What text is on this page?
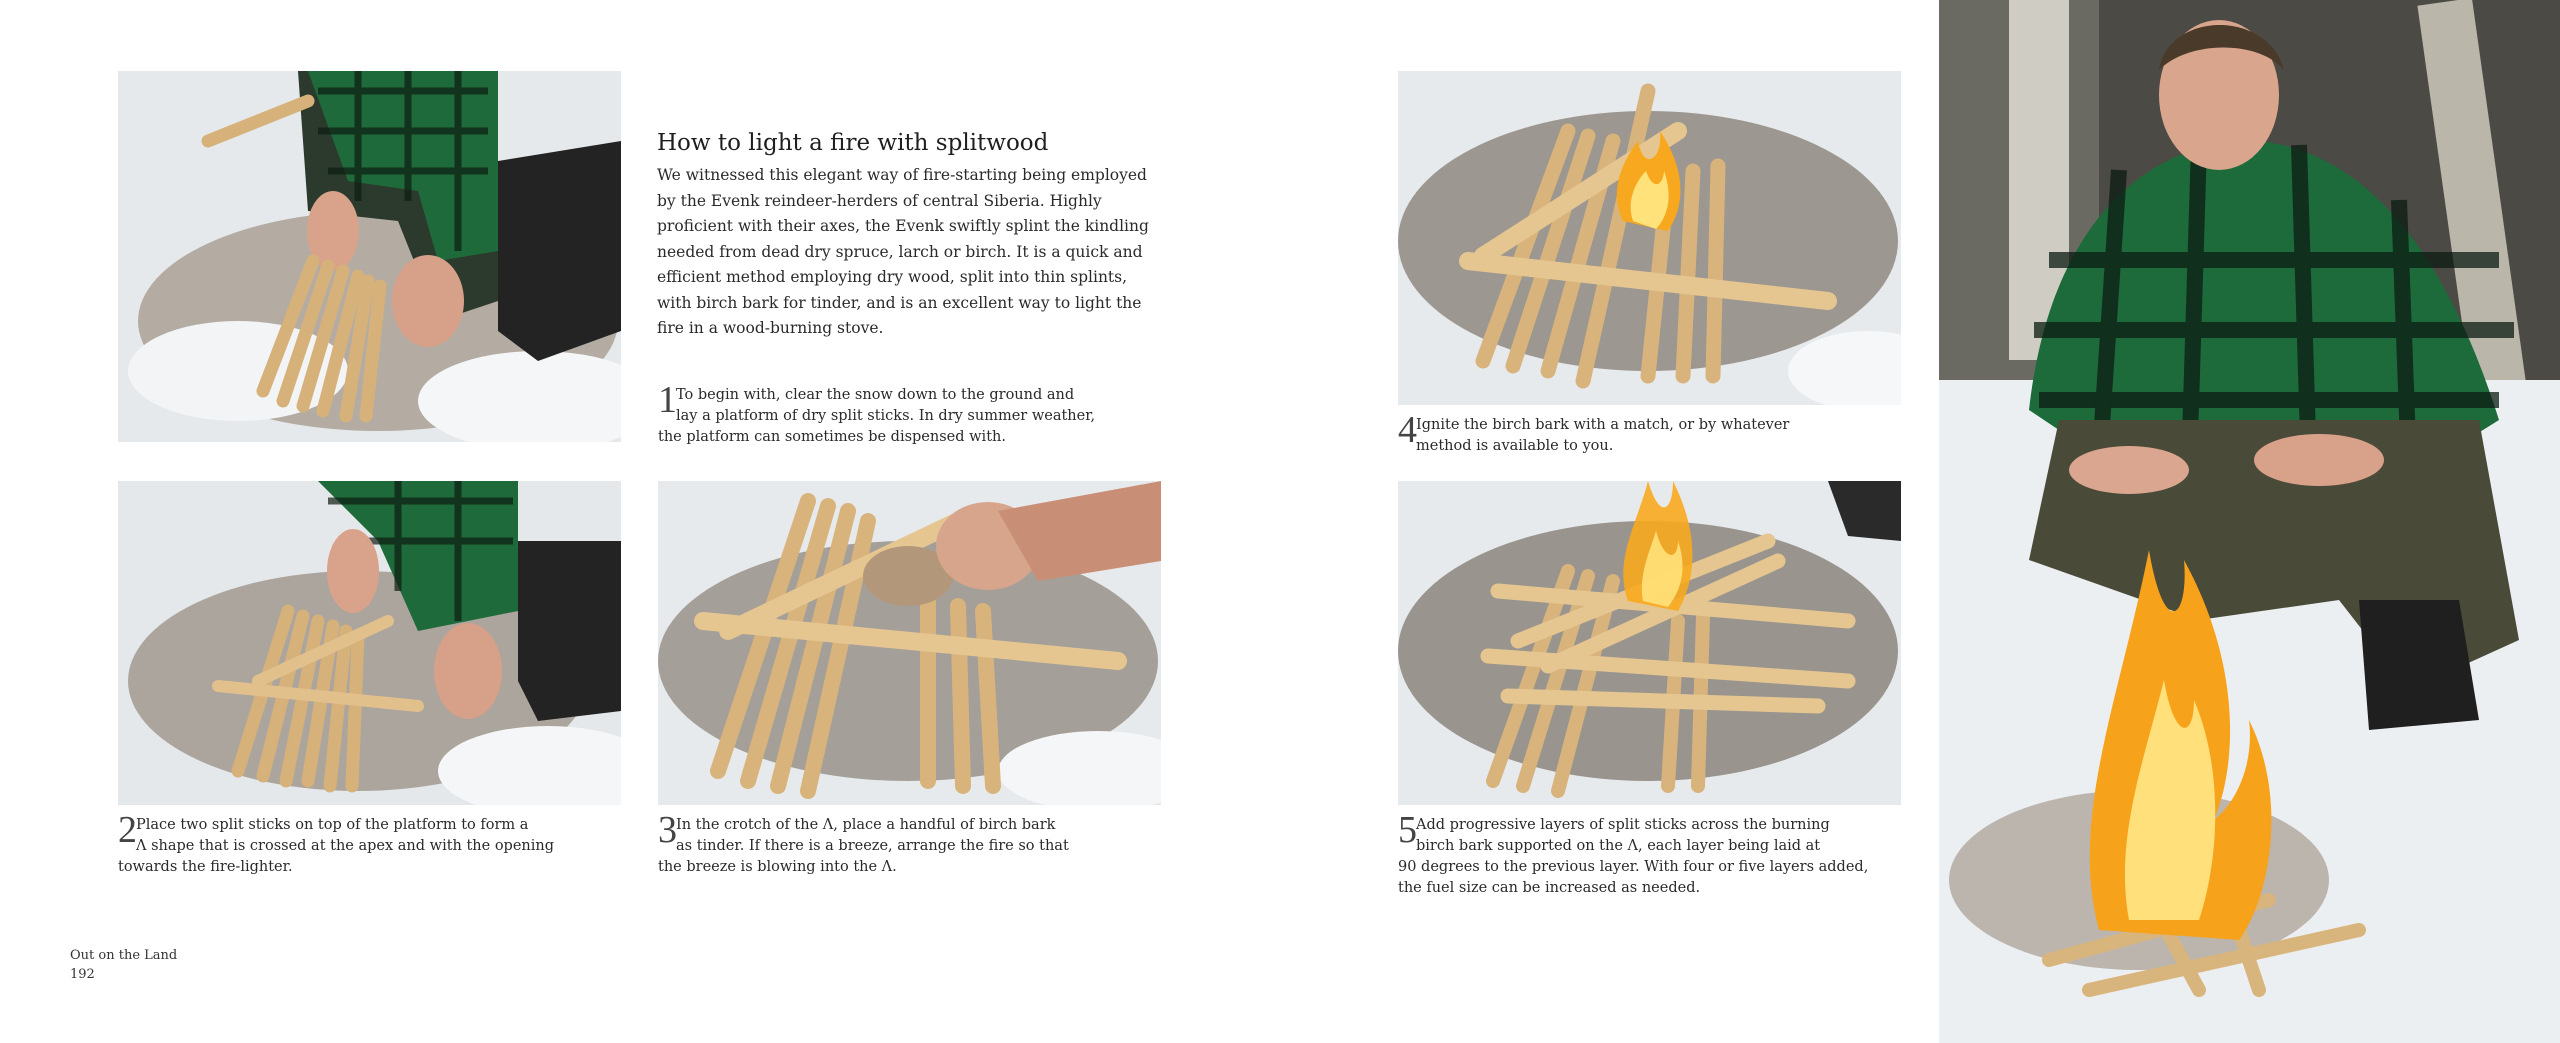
How to light a fire with splitwood
We witnessed this elegant way of fire-starting being employed
by the Evenk reindeer-herders of central Siberia. Highly
proficient with their axes, the Evenk swiftly splint the kindling
needed from dead dry spruce, larch or birch. It is a quick and
efficient method employing dry wood, split into thin splints,
with birch bark for tinder, and is an excellent way to light the
fire in a wood-burning stove.
1 To begin with, clear the snow down to the ground and
lay a platform of dry split sticks. In dry summer weather,
the platform can sometimes be dispensed with.
2 Place two split sticks on top of the platform to form a
Λ shape that is crossed at the apex and with the opening
towards the fire-lighter.
3 In the crotch of the Λ, place a handful of birch bark
as tinder. If there is a breeze, arrange the fire so that
the breeze is blowing into the Λ.
4 Ignite the birch bark with a match, or by whatever
method is available to you.
5 Add progressive layers of split sticks across the burning
birch bark supported on the Λ, each layer being laid at
90 degrees to the previous layer. With four or five layers added,
the fuel size can be increased as needed.
Out on the Land
192
